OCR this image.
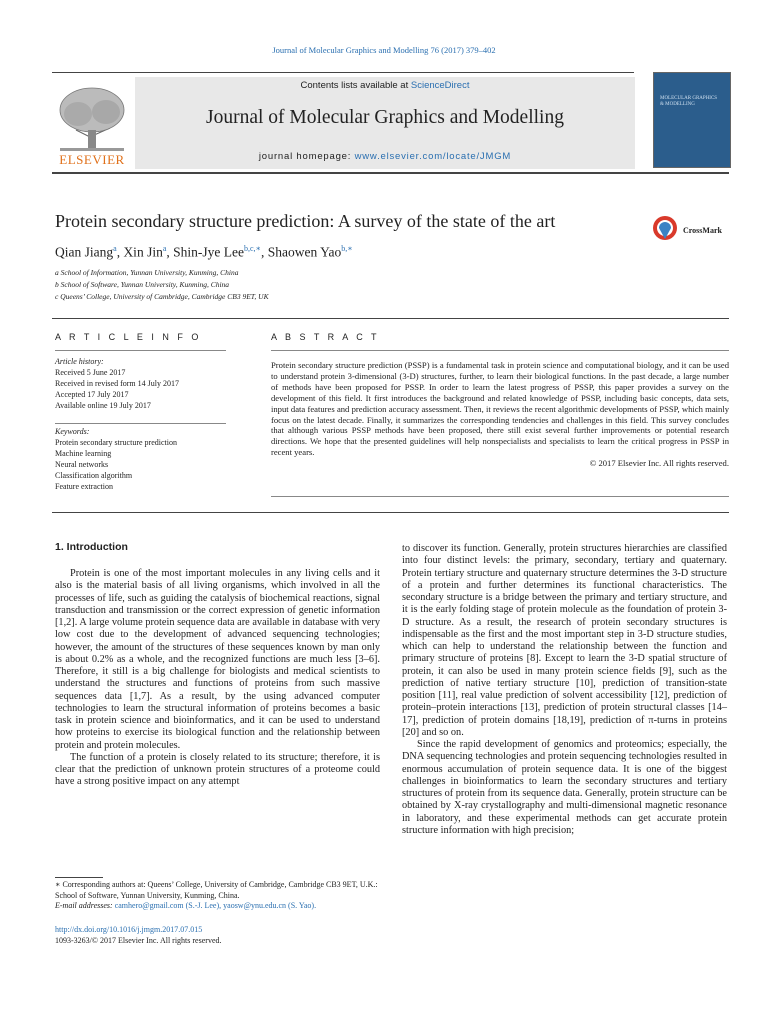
Journal of Molecular Graphics and Modelling 76 (2017) 379–402
ELSEVIER
Contents lists available at ScienceDirect
Journal of Molecular Graphics and Modelling
journal homepage: www.elsevier.com/locate/JMGM
MOLECULAR GRAPHICS & MODELLING
Protein secondary structure prediction: A survey of the state of the art	CrossMark
Qian Jiang$^a$, Xin Jin$^a$, Shin-Jye Lee$^{b,c,∗}$, Shaowen Yao$^{b,∗}$
a School of Information, Yunnan University, Kunming, China
b School of Software, Yunnan University, Kunming, China
c Queens’ College, University of Cambridge, Cambridge CB3 9ET, UK
A R T I C L E I N F O
Article history:
Received 5 June 2017
Received in revised form 14 July 2017
Accepted 17 July 2017
Available online 19 July 2017
Keywords:
Protein secondary structure prediction
Machine learning
Neural networks
Classification algorithm
Feature extraction
A B S T R A C T
Protein secondary structure prediction (PSSP) is a fundamental task in protein science and computational biology, and it can be used to understand protein 3-dimensional (3-D) structures, further, to learn their biological functions. In the past decade, a large number of methods have been proposed for PSSP. In order to learn the latest progress of PSSP, this paper provides a survey on the development of this field. It first introduces the background and related knowledge of PSSP, including basic concepts, data sets, input data features and prediction accuracy assessment. Then, it reviews the recent algorithmic developments of PSSP, which mainly focus on the latest decade. Finally, it summarizes the corresponding tendencies and challenges in this field. This survey concludes that although various PSSP methods have been proposed, there still exist several further improvements or potential research directions. We hope that the presented guidelines will help nonspecialists and specialists to learn the critical progress in PSSP in recent years.
© 2017 Elsevier Inc. All rights reserved.
1. Introduction

Protein is one of the most important molecules in any living cells and it also is the material basis of all living organisms, which involved in all the processes of life, such as guiding the catalysis of biochemical reactions, signal transduction and transmission or the correct expression of genetic information [1,2]. A large volume protein sequence data are available in database with very low cost due to the development of advanced sequencing technologies; however, the amount of the structures of these sequences known by man only is about 0.2% as a whole, and the recognized functions are much less [3–6]. Therefore, it still is a big challenge for biologists and medical scientists to understand the structures and functions of proteins from such massive sequences data [1,7]. As a result, by the using advanced computer technologies to learn the structural information of proteins becomes a basic task in protein science and bioinformatics, and it can be used to understand how proteins to exercise its biological function and the relationship between protein and protein molecules.

The function of a protein is closely related to its structure; therefore, it is clear that the prediction of unknown protein structures of a proteome could have a strong positive impact on any attempt

to discover its function. Generally, protein structures hierarchies are classified into four distinct levels: the primary, secondary, tertiary and quaternary. Protein tertiary structure and quaternary structure determines the 3-D structure of a protein and further determines its functional characteristics. The secondary structure is a bridge between the primary and tertiary structure, and it is the early folding stage of protein molecule as the foundation of protein 3-D structure. As a result, the research of protein secondary structures is indispensable as the first and the most important step in 3-D structure studies, which can help to understand the relationship between the function and primary structure of proteins [8]. Except to learn the 3-D spatial structure of protein, it can also be used in many protein science fields [9], such as the prediction of native tertiary structure [10], prediction of transition-state position [11], real value prediction of solvent accessibility [12], prediction of protein–protein interactions [13], prediction of protein structural classes [14–17], prediction of protein domains [18,19], prediction of π-turns in proteins [20] and so on.

Since the rapid development of genomics and proteomics; especially, the DNA sequencing technologies and protein sequencing technologies resulted in enormous accumulation of protein sequence data. It is one of the biggest challenges in bioinformatics to learn the secondary structures and tertiary structures of protein from its sequence data. Generally, protein structure can be obtained by X-ray crystallography and multi-dimensional magnetic resonance in laboratory, and these experimental methods can get accurate protein structure information with high precision;

∗ Corresponding authors at: Queens’ College, University of Cambridge, Cambridge CB3 9ET, U.K.: School of Software, Yunnan University, Kunming, China.
E-mail addresses: camhero@gmail.com (S.-J. Lee), yaosw@ynu.edu.cn (S. Yao).
http://dx.doi.org/10.1016/j.jmgm.2017.07.015
1093-3263/© 2017 Elsevier Inc. All rights reserved.
